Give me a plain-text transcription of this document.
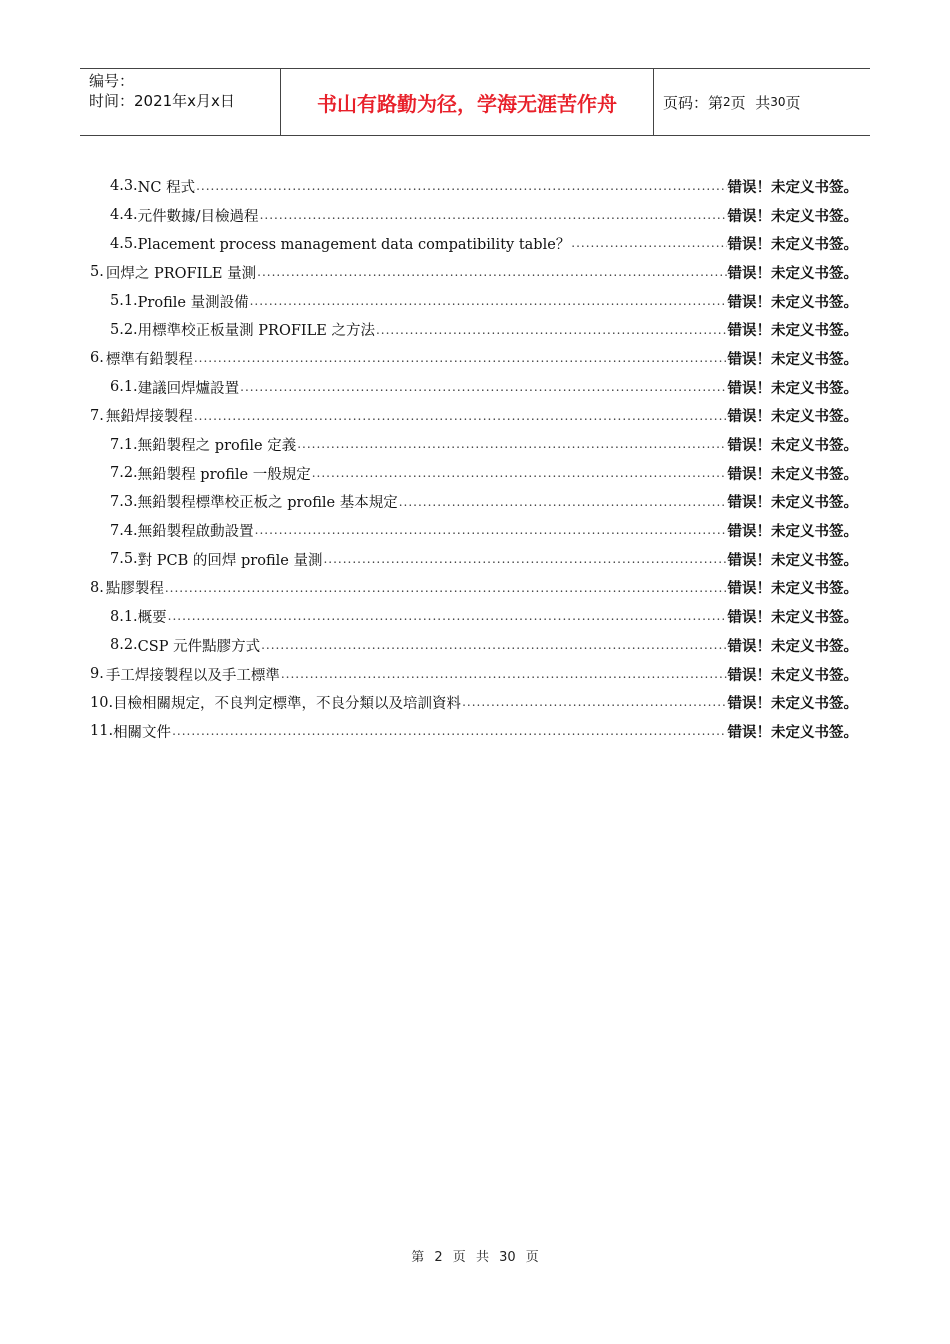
编号：
时间：2021年x月x日	书山有路勤为径，学海无涯苦作舟	页码：第 2 页  共 30 页
4.3. NC 程式 .....	错误！未定义书签。
4.4. 元件數據/目檢過程 .....	错误！未定义书签。
4.5. Placement process management data compatibility table？ .....	错误！未定义书签。
5. 回焊之 PROFILE 量測 .....	错误！未定义书签。
5.1. Profile 量測設備 .....	错误！未定义书签。
5.2. 用標準校正板量測 PROFILE 之方法 .....	错误！未定义书签。
6. 標準有鉛製程 .....	错误！未定义书签。
6.1. 建議回焊爐設置 .....	错误！未定义书签。
7. 無鉛焊接製程 .....	错误！未定义书签。
7.1. 無鉛製程之 profile 定義 .....	错误！未定义书签。
7.2. 無鉛製程 profile 一般規定 .....	错误！未定义书签。
7.3. 無鉛製程標準校正板之 profile 基本規定 .....	错误！未定义书签。
7.4. 無鉛製程啟動設置 .....	错误！未定义书签。
7.5. 對 PCB 的回焊 profile 量測 .....	错误！未定义书签。
8. 點膠製程 .....	错误！未定义书签。
8.1. 概要 .....	错误！未定义书签。
8.2. CSP 元件點膠方式 .....	错误！未定义书签。
9. 手工焊接製程以及手工標準 .....	错误！未定义书签。
10. 目檢相關規定，不良判定標準，不良分類以及培訓資料 .....	错误！未定义书签。
11. 相關文件 .....	错误！未定义书签。
第 2 页 共 30 页
